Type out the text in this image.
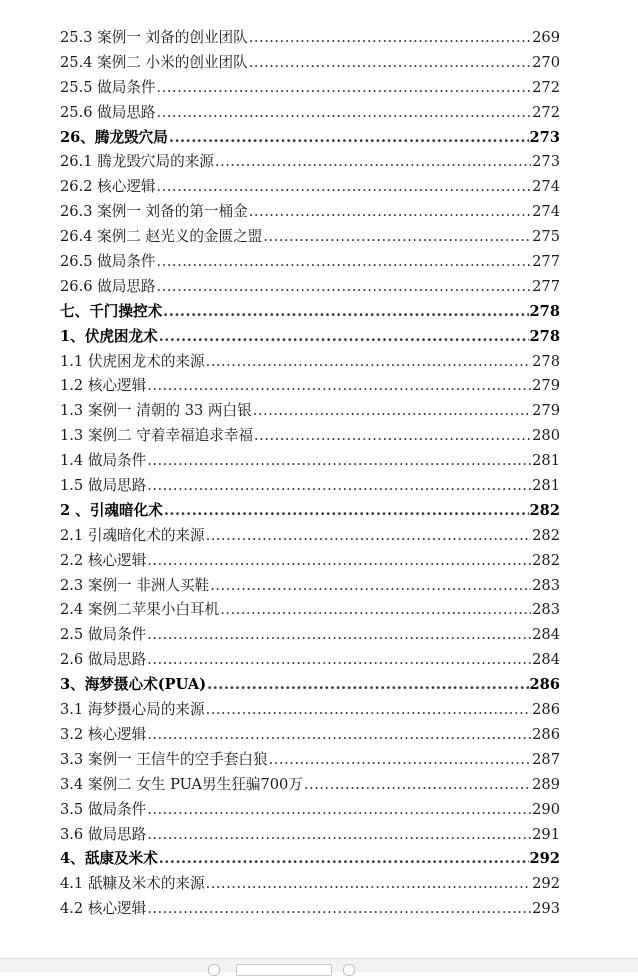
25.3 案例一 刘备的创业团队 .....	269
25.4 案例二 小米的创业团队 .....	270
25.5 做局条件 .....	272
25.6 做局思路 .....	272
26、腾龙毁穴局 .....	273
26.1 腾龙毁穴局的来源 .....	273
26.2 核心逻辑 .....	274
26.3 案例一 刘备的第一桶金 .....	274
26.4 案例二 赵光义的金匮之盟 .....	275
26.5 做局条件 .....	277
26.6 做局思路 .....	277
七、千门操控术 .....	278
1、伏虎困龙术 .....	278
1.1 伏虎困龙术的来源 .....	278
1.2 核心逻辑 .....	279
1.3 案例一 清朝的 33 两白银 .....	279
1.3 案例二 守着幸福追求幸福 .....	280
1.4 做局条件 .....	281
1.5 做局思路 .....	281
2 、引魂暗化术 .....	282
2.1 引魂暗化术的来源 .....	282
2.2 核心逻辑 .....	282
2.3 案例一 非洲人买鞋 .....	283
2.4 案例二苹果小白耳机 .....	283
2.5 做局条件 .....	284
2.6 做局思路 .....	284
3、海梦摄心术(PUA) .....	286
3.1 海梦摄心局的来源 .....	286
3.2 核心逻辑 .....	286
3.3 案例一 王信牛的空手套白狼 .....	287
3.4 案例二 女生 PUA男生狂骗700万 .....	289
3.5 做局条件 .....	290
3.6 做局思路 .....	291
4、舐康及米术 .....	292
4.1 舐糠及米术的来源 .....	292
4.2 核心逻辑 .....	293
